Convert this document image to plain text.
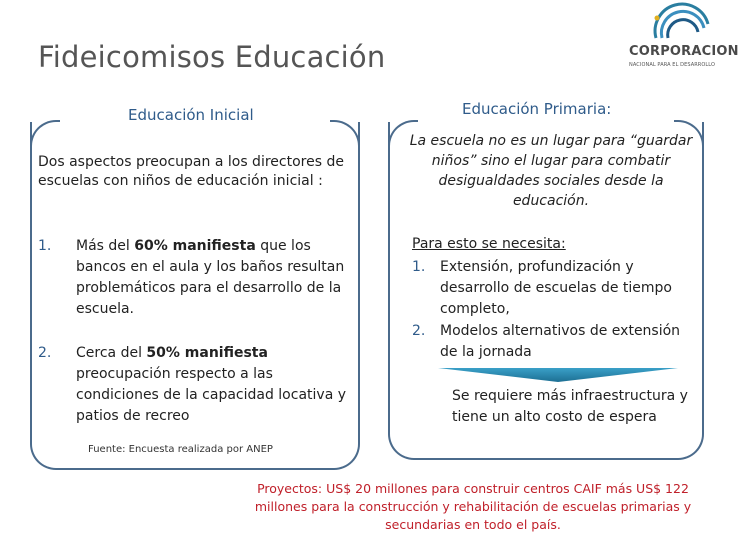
Fideicomisos Educación	CORPORACION
NACIONAL PARA EL DESARROLLO
Educación Inicial	Educación Primaria:
Dos aspectos preocupan a los directores de escuelas con niños de educación inicial :
1. Más del 60% manifiesta que los bancos en el aula y los baños resultan problemáticos para el desarrollo de la escuela.
2. Cerca del 50% manifiesta preocupación respecto a las condiciones de la capacidad locativa y patios de recreo
Fuente: Encuesta realizada por ANEP
La escuela no es un lugar para “guardar niños” sino el lugar para combatir desigualdades sociales desde la educación.
Para esto se necesita:
1. Extensión, profundización y desarrollo de escuelas de tiempo completo,
2. Modelos alternativos de extensión de la jornada
Se requiere más infraestructura y tiene un alto costo de espera
Proyectos: US$ 20 millones para construir centros CAIF más US$ 122 millones para la construcción y rehabilitación de escuelas primarias y secundarias en todo el país.
